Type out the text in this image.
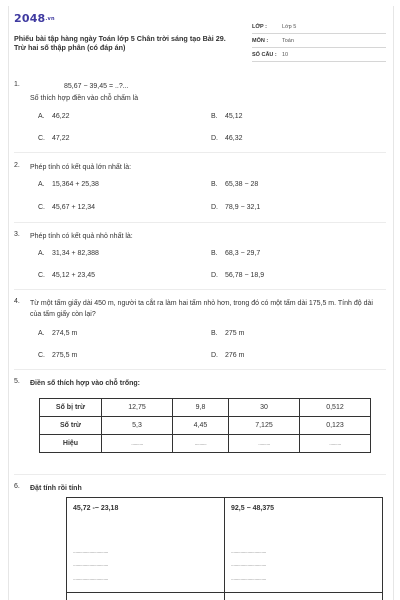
2048.vn
Phiếu bài tập hàng ngày Toán lớp 5 Chân trời sáng tạo Bài 29. Trừ hai số thập phân (có đáp án)
LỚP :	Lớp 5
MÔN :	Toán
SỐ CÂU : 10
1.	85,67 − 39,45 = ..?...
Số thích hợp điền vào chỗ chấm là
A. 46,22	B. 45,12
C. 47,22	D. 46,32
2. Phép tính có kết quả lớn nhất là:
A. 15,364 + 25,38	B. 65,38 − 28
C. 45,67 + 12,34	D. 78,9 − 32,1
3. Phép tính có kết quả nhỏ nhất là:
A. 31,34 + 82,388	B. 68,3 − 29,7
C. 45,12 + 23,45	D. 56,78 − 18,9
4. Từ một tấm giấy dài 450 m, người ta cắt ra làm hai tấm nhỏ hơn, trong đó có một tấm dài 175,5 m. Tính độ dài của tấm giấy còn lại?
A. 274,5 m	B. 275 m
C. 275,5 m	D. 276 m
5. Điền số thích hợp vào chỗ trống:
Số bị trừ	12,75	9,8	30	0,512
Số trừ	5,3	4,45	7,125	0,123
Hiệu	..........	..........	..........	..........
6. Đặt tính rồi tính
45,72 -− 23,18
..............................
..............................
..............................
92,5 − 48,375
..............................
..............................
..............................
